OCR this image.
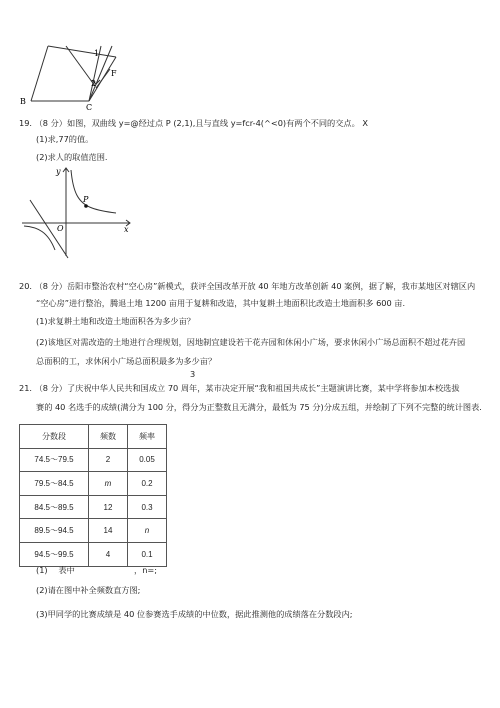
1
2
F
B
C
19. （8 分）如图，双曲线 y=@经过点 P (2,1),且与直线 y=fcr-4(^<0)有两个不同的交点。 X
(1)求,77的值。
(2)求人的取值范围.
y
x
O
P
20. （8 分）岳阳市整治农村“空心房”新模式，获评全国改革开放 40 年地方改革创新 40 案例，据了解，我市某地区对辖区内
“空心房”进行整治，腾退土地 1200 亩用于复耕和改造，其中复耕土地面积比改造土地面积多 600 亩.
(1)求复耕土地和改造土地面积各为多少亩？
(2)该地区对需改造的土地进行合理规划，因地制宜建设若干花卉园和休闲小广场，要求休闲小广场总面积不超过花卉园
总面积的工，求休闲小广场总面积最多为多少亩？
3
21. （8 分）了庆祝中华人民共和国成立 70 周年，某市决定开展“我和祖国共成长”主题演讲比赛，某中学将参加本校选拔
赛的 40 名选手的成绩(满分为 100 分，得分为正整数且无满分，最低为 75 分)分成五组，并绘制了下列不完整的统计图表.
分数段	频数	频率
74.5～79.5	2	0.05
79.5～84.5	m	0.2
84.5～89.5	12	0.3
89.5～94.5	14	n
94.5～99.5	4	0.1
(1)　 表中	，n=;
(2)请在图中补全频数直方图;
(3)甲同学的比赛成绩是 40 位参赛选手成绩的中位数，据此推测他的成绩落在分数段内;
